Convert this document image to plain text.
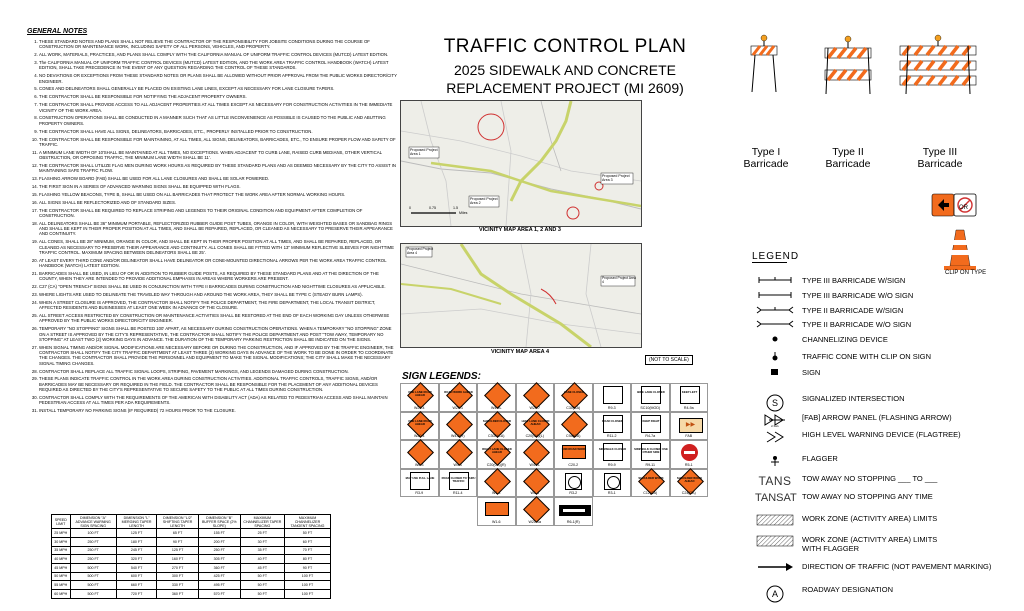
GENERAL NOTES
1. THESE STANDARD NOTES AND PLANS SHALL NOT RELIEVE THE CONTRACTOR OF THE RESPONSIBILITY FOR JOBSITE CONDITIONS DURING THE COURSE OF CONSTRUCTION OR MAINTENANCE WORK, INCLUDING SAFETY OF ALL PERSONS, VEHICLES, AND PROPERTY.
2. ALL WORK, MATERIALS, PRACTICES, AND PLANS SHALL COMPLY WITH THE CALIFORNIA MANUAL OF UNIFORM TRAFFIC CONTROL DEVICES (MUTCD) LATEST EDITION.
3. The CALIFORNIA MANUAL OF UNIFORM TRAFFIC CONTROL DEVICES (MUTCD) LATEST EDITION, AND THE WORK AREA TRAFFIC CONTROL HANDBOOK (WATCH) LATEST EDITION, SHALL TAKE PRECEDENCE IN THE EVENT OF ANY QUESTION REGARDING THE CONTROL OF THESE STANDARDS.
4. NO DEVIATIONS OR EXCEPTIONS FROM THESE STANDARD NOTES OR PLANS SHALL BE ALLOWED WITHOUT PRIOR APPROVAL FROM THE PUBLIC WORKS DIRECTOR/CITY ENGINEER.
5. CONES AND DELINEATORS SHALL GENERALLY BE PLACED ON EXISTING LANE LINES, EXCEPT AS NECESSARY FOR LANE CLOSURE TAPERS.
6. THE CONTRACTOR SHALL BE RESPONSIBLE FOR NOTIFYING THE ADJACENT PROPERTY OWNERS.
7. THE CONTRACTOR SHALL PROVIDE ACCESS TO ALL ADJACENT PROPERTIES AT ALL TIMES EXCEPT AS NECESSARY FOR CONSTRUCTION ACTIVITIES IN THE IMMEDIATE VICINITY OF THE WORK AREA.
8. CONSTRUCTION OPERATIONS SHALL BE CONDUCTED IN A MANNER SUCH THAT AS LITTLE INCONVENIENCE AS POSSIBLE IS CAUSED TO THE PUBLIC AND ABUTTING PROPERTY OWNERS.
9. THE CONTRACTOR SHALL HAVE ALL SIGNS, DELINEATORS, BARRICADES, ETC., PROPERLY INSTALLED PRIOR TO CONSTRUCTION.
10. THE CONTRACTOR SHALL BE RESPONSIBLE FOR MAINTAINING, AT ALL TIMES, ALL SIGNS, DELINEATORS, BARRICADES, ETC., TO ENSURE PROPER FLOW AND SAFETY OF TRAFFIC.
11. A MINIMUM LANE WIDTH OF 10'SHALL BE MAINTAINED AT ALL TIMES, NO EXCEPTIONS. WHEN ADJACENT TO CURB LANE, RAISED CURB MEDIANS, OTHER VERTICAL OBSTRUCTION, OR OPPOSING TRAFFIC, THE MINIMUM LANE WIDTH SHALL BE 11'.
12. THE CONTRACTOR SHALL UTILIZE FLAG MEN DURING WORK HOURS AS REQUIRED BY THESE STANDARD PLANS AND AS DEEMED NECESSARY BY THE CITY TO ASSIST IN MAINTAINING SAFE TRAFFIC FLOW.
13. FLASHING ARROW BOARD (FAB) SHALL BE USED FOR ALL LANE CLOSURES AND SHALL BE SOLAR POWERED.
14. THE FIRST SIGN IN A SERIES OF ADVANCED WARNING SIGNS SHALL BE EQUIPPED WITH FLAGS.
15. FLASHING YELLOW BEACONS, TYPE B, SHALL BE USED ON ALL BARRICADES THAT PROTECT THE WORK AREA AFTER NORMAL WORKING HOURS.
16. ALL SIGNS SHALL BE REFLECTORIZED AND OF STANDARD SIZES.
17. THE CONTRACTOR SHALL BE REQUIRED TO REPLACE STRIPING AND LEGENDS TO THEIR ORIGINAL CONDITION AND EQUIPMENT AFTER COMPLETION OF CONSTRUCTION.
18. ALL DELINEATORS SHALL BE 36" MINIMUM PORTABLE, REFLECTORIZED RUBBER GUIDE POST TUBES, ORANGE IN COLOR, WITH WEIGHTED BASES OR SANDBAG RINGS AND SHALL BE KEPT IN THEIR PROPER POSITION AT ALL TIMES, AND SHALL BE REPAIRED, REPLACED, OR CLEANED AS NECESSARY TO PRESERVE THEIR APPEARANCE AND CONTINUITY.
19. ALL CONES, SHALL BE 28" MINIMUM, ORANGE IN COLOR, AND SHALL BE KEPT IN THEIR PROPER POSITION AT ALL TIMES, AND SHALL BE REPAIRED, REPLACED, OR CLEANED AS NECESSARY TO PRESERVE THEIR APPEARANCE AND CONTINUITY. ALL CONES SHALL BE FITTED WITH 13" MINIMUM REFLECTIVE SLEEVES FOR NIGHTTIME TRAFFIC CONTROL. MAXIMUM SPACING BETWEEN DELINEATORS SHALL BE 25'.
20. AT LEAST EVERY THIRD CONE AND/OR DELINEATOR SHALL HAVE DELINEATOR OR CONE-MOUNTED DIRECTIONAL ARROWS PER THE WORK AREA TRAFFIC CONTROL HANDBOOK (WATCH) LATEST EDITION.
21. BARRICADES SHALL BE USED, IN LIEU OF OR IN ADDITION TO RUBBER GUIDE POSTS, AS REQUIRED BY THESE STANDARD PLANS AND AT THE DIRECTION OF THE COUNTY, WHEN THEY ARE INTENDED TO PROVIDE ADDITIONAL EMPHASIS IN AREAS WHERE WORKERS ARE PRESENT.
22. C27 (CA) "OPEN TRENCH" SIGNS SHALL BE USED IN CONJUNCTION WITH TYPE II BARRICADES DURING CONSTRUCTION AND NIGHTTIME CLOSURES AS APPLICABLE.
23. WHERE LIGHTS ARE USED TO DELINEATE THE TRAVELED WAY THROUGH AND AROUND THE WORK AREA, THEY SHALL BE TYPE C (STEADY BURN LAMPS).
24. WHEN A STREET CLOSURE IS APPROVED, THE CONTRACTOR SHALL NOTIFY THE POLICE DEPARTMENT, THE FIRE DEPARTMENT, THE LOCAL TRANSIT DISTRICT, AFFECTED RESIDENTS AND BUSINESSES AT LEAST ONE WEEK IN ADVANCE OF THE CLOSURE.
25. ALL STREET ACCESS RESTRICTED BY CONSTRUCTION OR MAINTENANCE ACTIVITIES SHALL BE RESTORED AT THE END OF EACH WORKING DAY UNLESS OTHERWISE APPROVED BY THE PUBLIC WORKS DIRECTOR/CITY ENGINEER.
26. TEMPORARY "NO STOPPING" SIGNS SHALL BE POSTED 100' APART, AS NECESSARY DURING CONSTRUCTION OPERATIONS. WHEN A TEMPORARY "NO STOPPING" ZONE ON A STREET IS APPROVED BY THE CITY'S REPRESENTATIVE, THE CONTRACTOR SHALL NOTIFY THE POLICE DEPARTMENT AND POST "TOW AWAY, TEMPORARY NO STOPPING" AT LEAST TWO (2) WORKING DAYS IN ADVANCE. THE DURATION OF THE TEMPORARY PARKING RESTRICTION SHALL BE INDICATED ON THE SIGNS.
27. WHEN SIGNAL TIMING AND/OR SIGNAL MODIFICATIONS ARE NECESSARY BEFORE OR DURING THE CONSTRUCTION, AND IF APPROVED BY THE TRAFFIC ENGINEER, THE CONTRACTOR SHALL NOTIFY THE CITY TRAFFIC DEPARTMENT AT LEAST THREE (3) WORKING DAYS IN ADVANCE OF THE WORK TO BE DONE IN ORDER TO COORDINATE THE CHANGES. THE CONTRACTOR SHALL PROVIDE THE PERSONNEL AND EQUIPMENT TO MAKE THE SIGNAL MODIFICATIONS; THE CITY SHALL MAKE THE NECESSARY SIGNAL TIMING CHANGES.
28. CONTRACTOR SHALL REPLACE ALL TRAFFIC SIGNAL LOOPS, STRIPING, PAVEMENT MARKINGS, AND LEGENDS DAMAGED DURING CONSTRUCTION.
29. THESE PLANS INDICATE TRAFFIC CONTROL IN THE WORK AREA DURING CONSTRUCTION ACTIVITIES. ADDITIONAL TRAFFIC CONTROLS, TRAFFIC SIGNS, AND/OR BARRICADES MAY BE NECESSARY OR REQUIRED IN THE FIELD. THE CONTRACTOR SHALL BE RESPONSIBLE FOR THE PLACEMENT OF ANY ADDITIONAL DEVICES REQUIRED AS DIRECTED BY THE CITY'S REPRESENTATIVE TO SECURE SAFETY TO THE PUBLIC AT ALL TIMES DURING CONSTRUCTION.
30. CONTRACTOR SHALL COMPLY WITH THE REQUIREMENTS OF THE AMERICAN WITH DISABILITY ACT (ADA) AS RELATED TO PEDESTRIAN ACCESS AND SHALL MAINTAIN PEDESTRIAN ACCESS AT ALL TIMES PER ADA REQUIREMENTS.
31. INSTALL TEMPORARY NO PARKING SIGNS (IF REQUIRED) 72 HOURS PRIOR TO THE CLOSURE.
SPEED LIMIT	DIMENSION "A" ADVANCE WARNING SIGN SPACING	DIMENSION "L" MERGING TAPER LENGTH	DIMENSION "L/2" SHIFTING TAPER LENGTH	DIMENSION "B" BUFFER SPACE (2% SLOPE)	MAXIMUM CHANNELIZER TAPER SPACING	MAXIMUM CHANNELIZER TANGENT SPACING
25 MPH	100 FT	125 FT	65 FT	155 FT	25 FT	50 FT
30 MPH	250 FT	180 FT	90 FT	200 FT	30 FT	60 FT
35 MPH	250 FT	245 FT	125 FT	250 FT	35 FT	70 FT
40 MPH	250 FT	320 FT	160 FT	305 FT	40 FT	80 FT
45 MPH	500 FT	540 FT	270 FT	360 FT	45 FT	90 FT
50 MPH	500 FT	600 FT	300 FT	425 FT	50 FT	100 FT
55 MPH	500 FT	660 FT	330 FT	495 FT	50 FT	100 FT
60 MPH	500 FT	720 FT	360 FT	570 FT	50 FT	100 FT
TRAFFIC CONTROL PLAN
2025 SIDEWALK AND CONCRETE
REPLACEMENT PROJECT (MI 2609)
Proposed Project Area 1
Proposed Project Area 3
Proposed Project Area 2
0	0.75	1.5
Miles
VICINITY MAP AREA 1, 2 AND 3
Proposed Project Area 4
Proposed Project Area 4
VICINITY MAP AREA 4
(NOT TO SCALE)
SIGN LEGENDS:
ONE LANE ROAD AHEAD
W20-4
ROAD WORK AHEAD
W20-1	W4-2L	W20-7
LANE CLOSED
C30(CA)	R9-3
BIKE LANE CLOSED
SC10(MOD)
KEEP LEFT
R4-9a
ONE LANE ROAD AHEAD
W20-4	W4-2(R)
SHOULDER CLOSED
C30A(CA)
LEFT LANE CLOSED AHEAD
C20(CA)(L)	C9A(CA)
ROAD CLOSED
R11-2
KEEP RIGHT
R4-7a
▶▶
FAB
W6-3	W4-1
RIGHT LANE CLOSED AHEAD
C20(CA)(R)	W4-2L
END ROAD WORK
C20-2
SIDEWALK CLOSED
R9-9
SIDEWALK CLOSED USE OTHER SIDE
R9-11	R5-1
MAY USE FULL LANE
R3-9
ROAD CLOSED TO THRU TRAFFIC
R11-4	W1-4	W1-4	R3-2	R3-1
SHOULDER WORK
C12(CA)
SHOULDER WORK AHEAD
C24(CA)
W1-6	W21-1a	R6-1(R)
Type I Barricade
Type II Barricade
Type III Barricade
OR
CLIP ON TYPE
LEGEND
TYPE III BARRICADE W/SIGN
TYPE III BARRICADE W/O SIGN
TYPE II BARRICADE W/SIGN
TYPE II BARRICADE W/O SIGN
CHANNELIZING DEVICE
TRAFFIC CONE WITH CLIP ON SIGN
SIGN
S	SIGNALIZED INTERSECTION
FAB
[FAB] ARROW PANEL (FLASHING ARROW)
HIGH LEVEL WARNING DEVICE (FLAGTREE)
FLAGGER
TANS	TOW AWAY NO STOPPING ___ TO ___
TANSAT TOW AWAY NO STOPPING ANY TIME
WORK ZONE (ACTIVITY AREA) LIMITS
WORK ZONE (ACTIVITY AREA) LIMITS WITH FLAGGER
DIRECTION OF TRAFFIC (NOT PAVEMENT MARKING)
A	ROADWAY DESIGNATION
